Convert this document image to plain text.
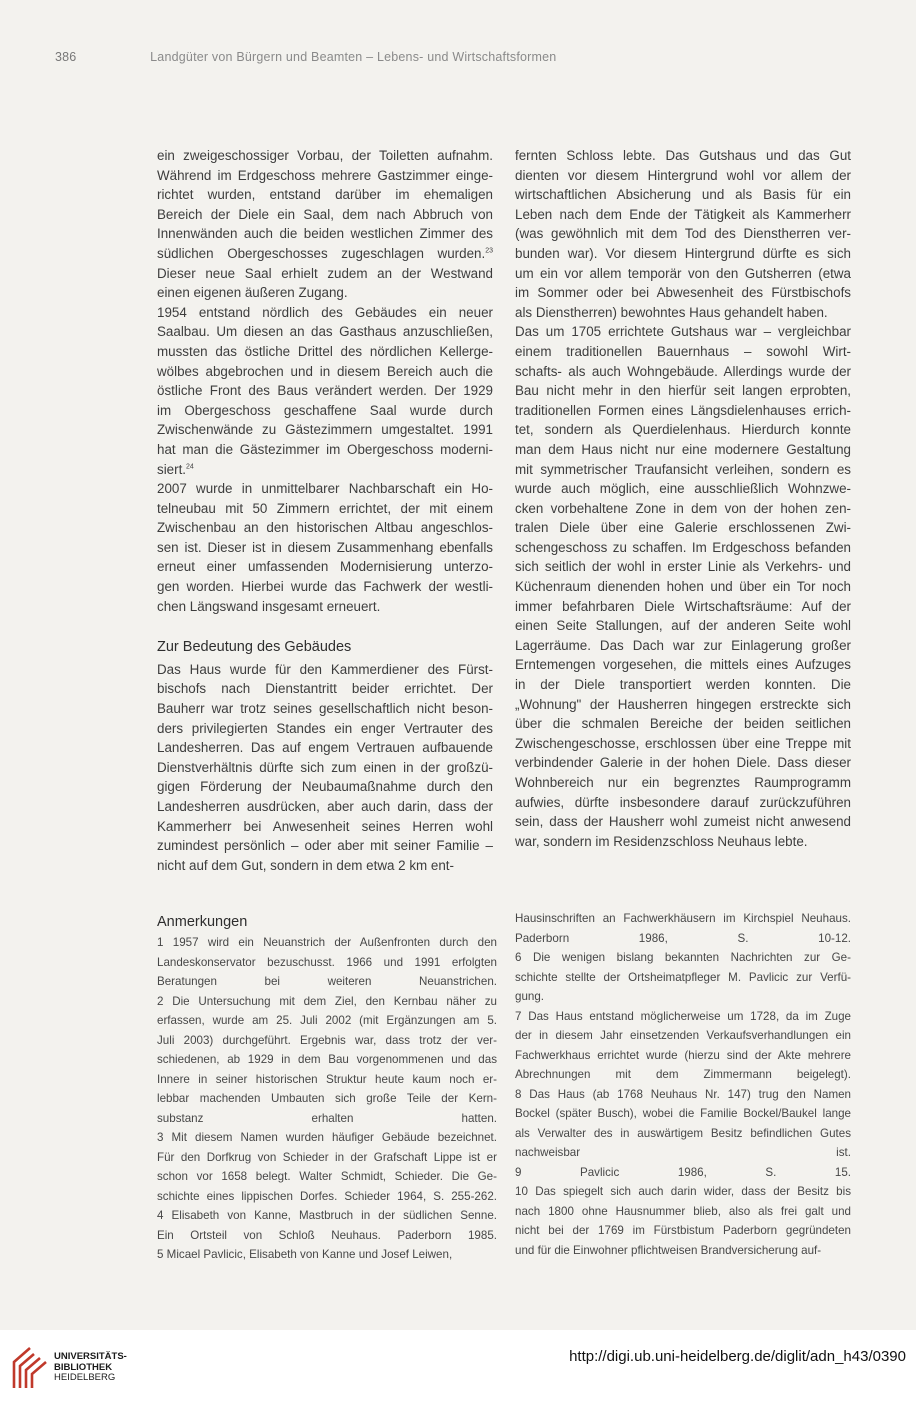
386	Landgüter von Bürgern und Beamten – Lebens- und Wirtschaftsformen

ein zweigeschossiger Vorbau, der Toiletten aufnahm.
Während im Erdgeschoss mehrere Gastzimmer einge-
richtet wurden, entstand darüber im ehemaligen
Bereich der Diele ein Saal, dem nach Abbruch von
Innenwänden auch die beiden westlichen Zimmer des
südlichen Obergeschosses zugeschlagen wurden.$^{23}$
Dieser neue Saal erhielt zudem an der Westwand
einen eigenen äußeren Zugang.

1954 entstand nördlich des Gebäudes ein neuer
Saalbau. Um diesen an das Gasthaus anzuschließen,
mussten das östliche Drittel des nördlichen Kellerge-
wölbes abgebrochen und in diesem Bereich auch die
östliche Front des Baus verändert werden. Der 1929
im Obergeschoss geschaffene Saal wurde durch
Zwischenwände zu Gästezimmern umgestaltet. 1991
hat man die Gästezimmer im Obergeschoss moderni-
siert.$^{24}$

2007 wurde in unmittelbarer Nachbarschaft ein Ho-
telneubau mit 50 Zimmern errichtet, der mit einem
Zwischenbau an den historischen Altbau angeschlos-
sen ist. Dieser ist in diesem Zusammenhang ebenfalls
erneut einer umfassenden Modernisierung unterzo-
gen worden. Hierbei wurde das Fachwerk der westli-
chen Längswand insgesamt erneuert.

Zur Bedeutung des Gebäudes

Das Haus wurde für den Kammerdiener des Fürst-
bischofs nach Dienstantritt beider errichtet. Der
Bauherr war trotz seines gesellschaftlich nicht beson-
ders privilegierten Standes ein enger Vertrauter des
Landesherren. Das auf engem Vertrauen aufbauende
Dienstverhältnis dürfte sich zum einen in der großzü-
gigen Förderung der Neubaumaßnahme durch den
Landesherren ausdrücken, aber auch darin, dass der
Kammerherr bei Anwesenheit seines Herren wohl
zumindest persönlich – oder aber mit seiner Familie –
nicht auf dem Gut, sondern in dem etwa 2 km ent-

fernten Schloss lebte. Das Gutshaus und das Gut
dienten vor diesem Hintergrund wohl vor allem der
wirtschaftlichen Absicherung und als Basis für ein
Leben nach dem Ende der Tätigkeit als Kammerherr
(was gewöhnlich mit dem Tod des Dienstherren ver-
bunden war). Vor diesem Hintergrund dürfte es sich
um ein vor allem temporär von den Gutsherren (etwa
im Sommer oder bei Abwesenheit des Fürstbischofs
als Dienstherren) bewohntes Haus gehandelt haben.

Das um 1705 errichtete Gutshaus war – vergleichbar
einem traditionellen Bauernhaus – sowohl Wirt-
schafts- als auch Wohngebäude. Allerdings wurde der
Bau nicht mehr in den hierfür seit langen erprobten,
traditionellen Formen eines Längsdielenhauses errich-
tet, sondern als Querdielenhaus. Hierdurch konnte
man dem Haus nicht nur eine modernere Gestaltung
mit symmetrischer Traufansicht verleihen, sondern es
wurde auch möglich, eine ausschließlich Wohnzwe-
cken vorbehaltene Zone in dem von der hohen zen-
tralen Diele über eine Galerie erschlossenen Zwi-
schengeschoss zu schaffen. Im Erdgeschoss befanden
sich seitlich der wohl in erster Linie als Verkehrs- und
Küchenraum dienenden hohen und über ein Tor noch
immer befahrbaren Diele Wirtschaftsräume: Auf der
einen Seite Stallungen, auf der anderen Seite wohl
Lagerräume. Das Dach war zur Einlagerung großer
Erntemengen vorgesehen, die mittels eines Aufzuges
in der Diele transportiert werden konnten. Die
„Wohnung" der Hausherren hingegen erstreckte sich
über die schmalen Bereiche der beiden seitlichen
Zwischengeschosse, erschlossen über eine Treppe mit
verbindender Galerie in der hohen Diele. Dass dieser
Wohnbereich nur ein begrenztes Raumprogramm
aufwies, dürfte insbesondere darauf zurückzuführen
sein, dass der Hausherr wohl zumeist nicht anwesend
war, sondern im Residenzschloss Neuhaus lebte.

Anmerkungen
1 1957 wird ein Neuanstrich der Außenfronten durch den
Landeskonservator bezuschusst. 1966 und 1991 erfolgten
Beratungen bei weiteren Neuanstrichen.
2 Die Untersuchung mit dem Ziel, den Kernbau näher zu
erfassen, wurde am 25. Juli 2002 (mit Ergänzungen am 5.
Juli 2003) durchgeführt. Ergebnis war, dass trotz der ver-
schiedenen, ab 1929 in dem Bau vorgenommenen und das
Innere in seiner historischen Struktur heute kaum noch er-
lebbar machenden Umbauten sich große Teile der Kern-
substanz erhalten hatten.
3 Mit diesem Namen wurden häufiger Gebäude bezeichnet.
Für den Dorfkrug von Schieder in der Grafschaft Lippe ist er
schon vor 1658 belegt. Walter Schmidt, Schieder. Die Ge-
schichte eines lippischen Dorfes. Schieder 1964, S. 255-262.
4 Elisabeth von Kanne, Mastbruch in der südlichen Senne.
Ein Ortsteil von Schloß Neuhaus. Paderborn 1985.
5 Micael Pavlicic, Elisabeth von Kanne und Josef Leiwen,
Hausinschriften an Fachwerkhäusern im Kirchspiel Neuhaus.
Paderborn 1986, S. 10-12.
6 Die wenigen bislang bekannten Nachrichten zur Ge-
schichte stellte der Ortsheimatpfleger M. Pavlicic zur Verfü-
gung.
7 Das Haus entstand möglicherweise um 1728, da im Zuge
der in diesem Jahr einsetzenden Verkaufsverhandlungen ein
Fachwerkhaus errichtet wurde (hierzu sind der Akte mehrere
Abrechnungen mit dem Zimmermann beigelegt).
8 Das Haus (ab 1768 Neuhaus Nr. 147) trug den Namen
Bockel (später Busch), wobei die Familie Bockel/Baukel lange
als Verwalter des in auswärtigem Besitz befindlichen Gutes
nachweisbar ist.
9 Pavlicic 1986, S. 15.
10 Das spiegelt sich auch darin wider, dass der Besitz bis
nach 1800 ohne Hausnummer blieb, also als frei galt und
nicht bei der 1769 im Fürstbistum Paderborn gegründeten
und für die Einwohner pflichtweisen Brandversicherung auf-
UNIVERSITÄTS-
BIBLIOTHEK
HEIDELBERG
http://digi.ub.uni-heidelberg.de/diglit/adn_h43/0390
